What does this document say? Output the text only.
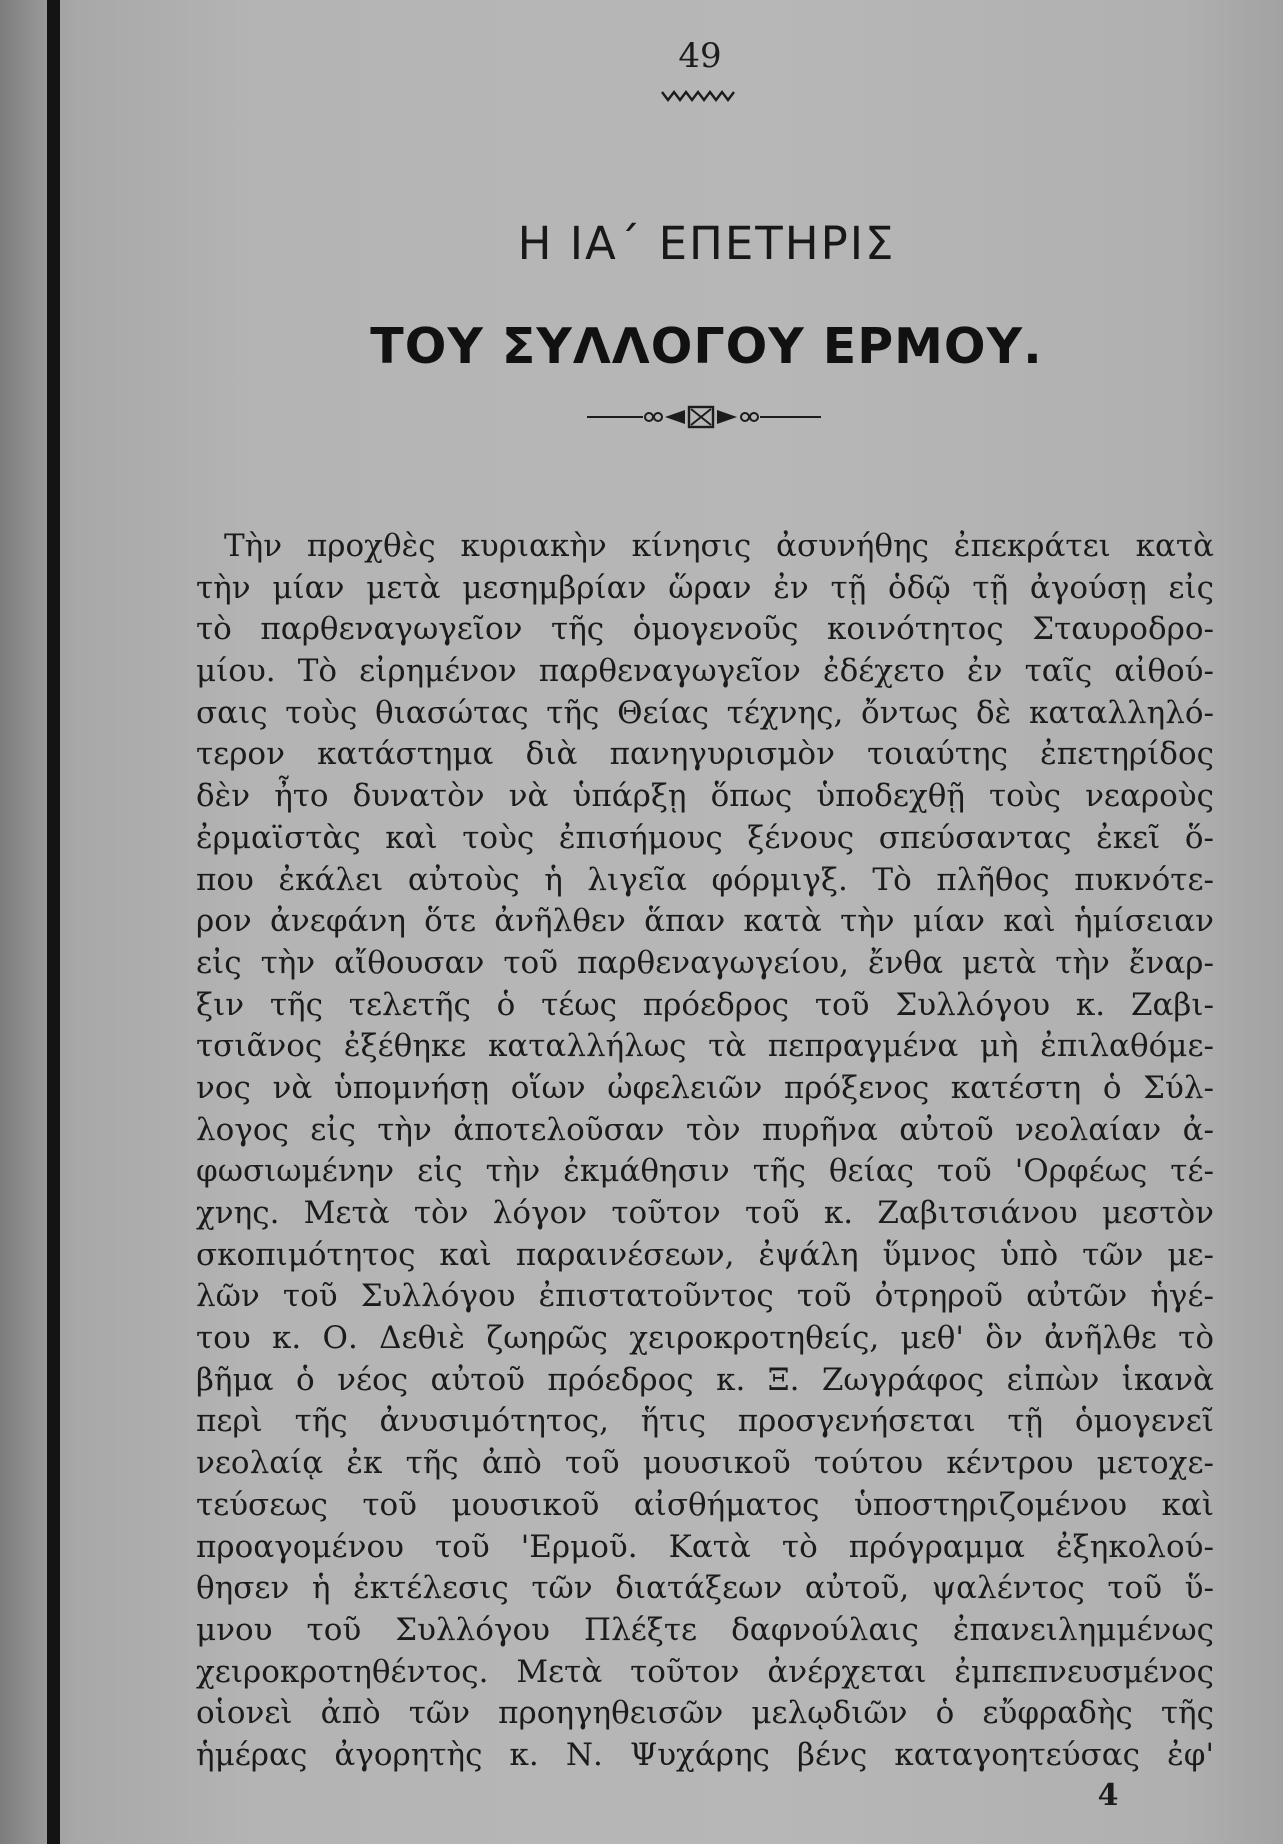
49
Η ΙΑ΄ ΕΠΕΤΗΡΙΣ
ΤΟΥ ΣΥΛΛΟΓΟΥ ΕΡΜΟΥ.
Τὴν προχθὲς κυριακὴν κίνησις ἀσυνήθης ἐπεκράτει κατὰ
τὴν μίαν μετὰ μεσημβρίαν ὥραν ἐν τῇ ὁδῷ τῇ ἀγούσῃ εἰς
τὸ παρθεναγωγεῖον τῆς ὁμογενοῦς κοινότητος Σταυροδρο-
μίου. Τὸ εἰρημένον παρθεναγωγεῖον ἐδέχετο ἐν ταῖς αἰθού-
σαις τοὺς θιασώτας τῆς Θείας τέχνης, ὄντως δὲ καταλληλό-
τερον κατάστημα διὰ πανηγυρισμὸν τοιαύτης ἐπετηρίδος
δὲν ἦτο δυνατὸν νὰ ὑπάρξῃ ὅπως ὑποδεχθῇ τοὺς νεαροὺς
ἐρμαϊστὰς καὶ τοὺς ἐπισήμους ξένους σπεύσαντας ἐκεῖ ὅ-
που ἐκάλει αὐτοὺς ἡ λιγεῖα φόρμιγξ. Τὸ πλῆθος πυκνότε-
ρον ἀνεφάνη ὅτε ἀνῆλθεν ἅπαν κατὰ τὴν μίαν καὶ ἡμίσειαν
εἰς τὴν αἴθουσαν τοῦ παρθεναγωγείου, ἔνθα μετὰ τὴν ἔναρ-
ξιν τῆς τελετῆς ὁ τέως πρόεδρος τοῦ Συλλόγου κ. Ζαβι-
τσιᾶνος ἐξέθηκε καταλλήλως τὰ πεπραγμένα μὴ ἐπιλαθόμε-
νος νὰ ὑπομνήσῃ οἵων ὠφελειῶν πρόξενος κατέστη ὁ Σύλ-
λογος εἰς τὴν ἀποτελοῦσαν τὸν πυρῆνα αὐτοῦ νεολαίαν ἀ-
φωσιωμένην εἰς τὴν ἐκμάθησιν τῆς θείας τοῦ 'Ορφέως τέ-
χνης. Μετὰ τὸν λόγον τοῦτον τοῦ κ. Ζαβιτσιάνου μεστὸν
σκοπιμότητος καὶ παραινέσεων, ἐψάλη ὕμνος ὑπὸ τῶν με-
λῶν τοῦ Συλλόγου ἐπιστατοῦντος τοῦ ὀτρηροῦ αὐτῶν ἡγέ-
του κ. Ο. Δεθιὲ ζωηρῶς χειροκροτηθείς, μεθ' ὃν ἀνῆλθε τὸ
βῆμα ὁ νέος αὐτοῦ πρόεδρος κ. Ξ. Ζωγράφος εἰπὼν ἱκανὰ
περὶ τῆς ἀνυσιμότητος, ἥτις προσγενήσεται τῇ ὁμογενεῖ
νεολαίᾳ ἐκ τῆς ἀπὸ τοῦ μουσικοῦ τούτου κέντρου μετοχε-
τεύσεως τοῦ μουσικοῦ αἰσθήματος ὑποστηριζομένου καὶ
προαγομένου τοῦ 'Ερμοῦ. Κατὰ τὸ πρόγραμμα ἐξηκολού-
θησεν ἡ ἐκτέλεσις τῶν διατάξεων αὐτοῦ, ψαλέντος τοῦ ὕ-
μνου τοῦ Συλλόγου Πλέξτε δαφνούλαις ἐπανειλημμένως
χειροκροτηθέντος. Μετὰ τοῦτον ἀνέρχεται ἐμπεπνευσμένος
οἱονεὶ ἀπὸ τῶν προηγηθεισῶν μελῳδιῶν ὁ εὔφραδὴς τῆς
ἡμέρας ἀγορητὴς κ. Ν. Ψυχάρης βένς καταγοητεύσας ἐφ'
4
